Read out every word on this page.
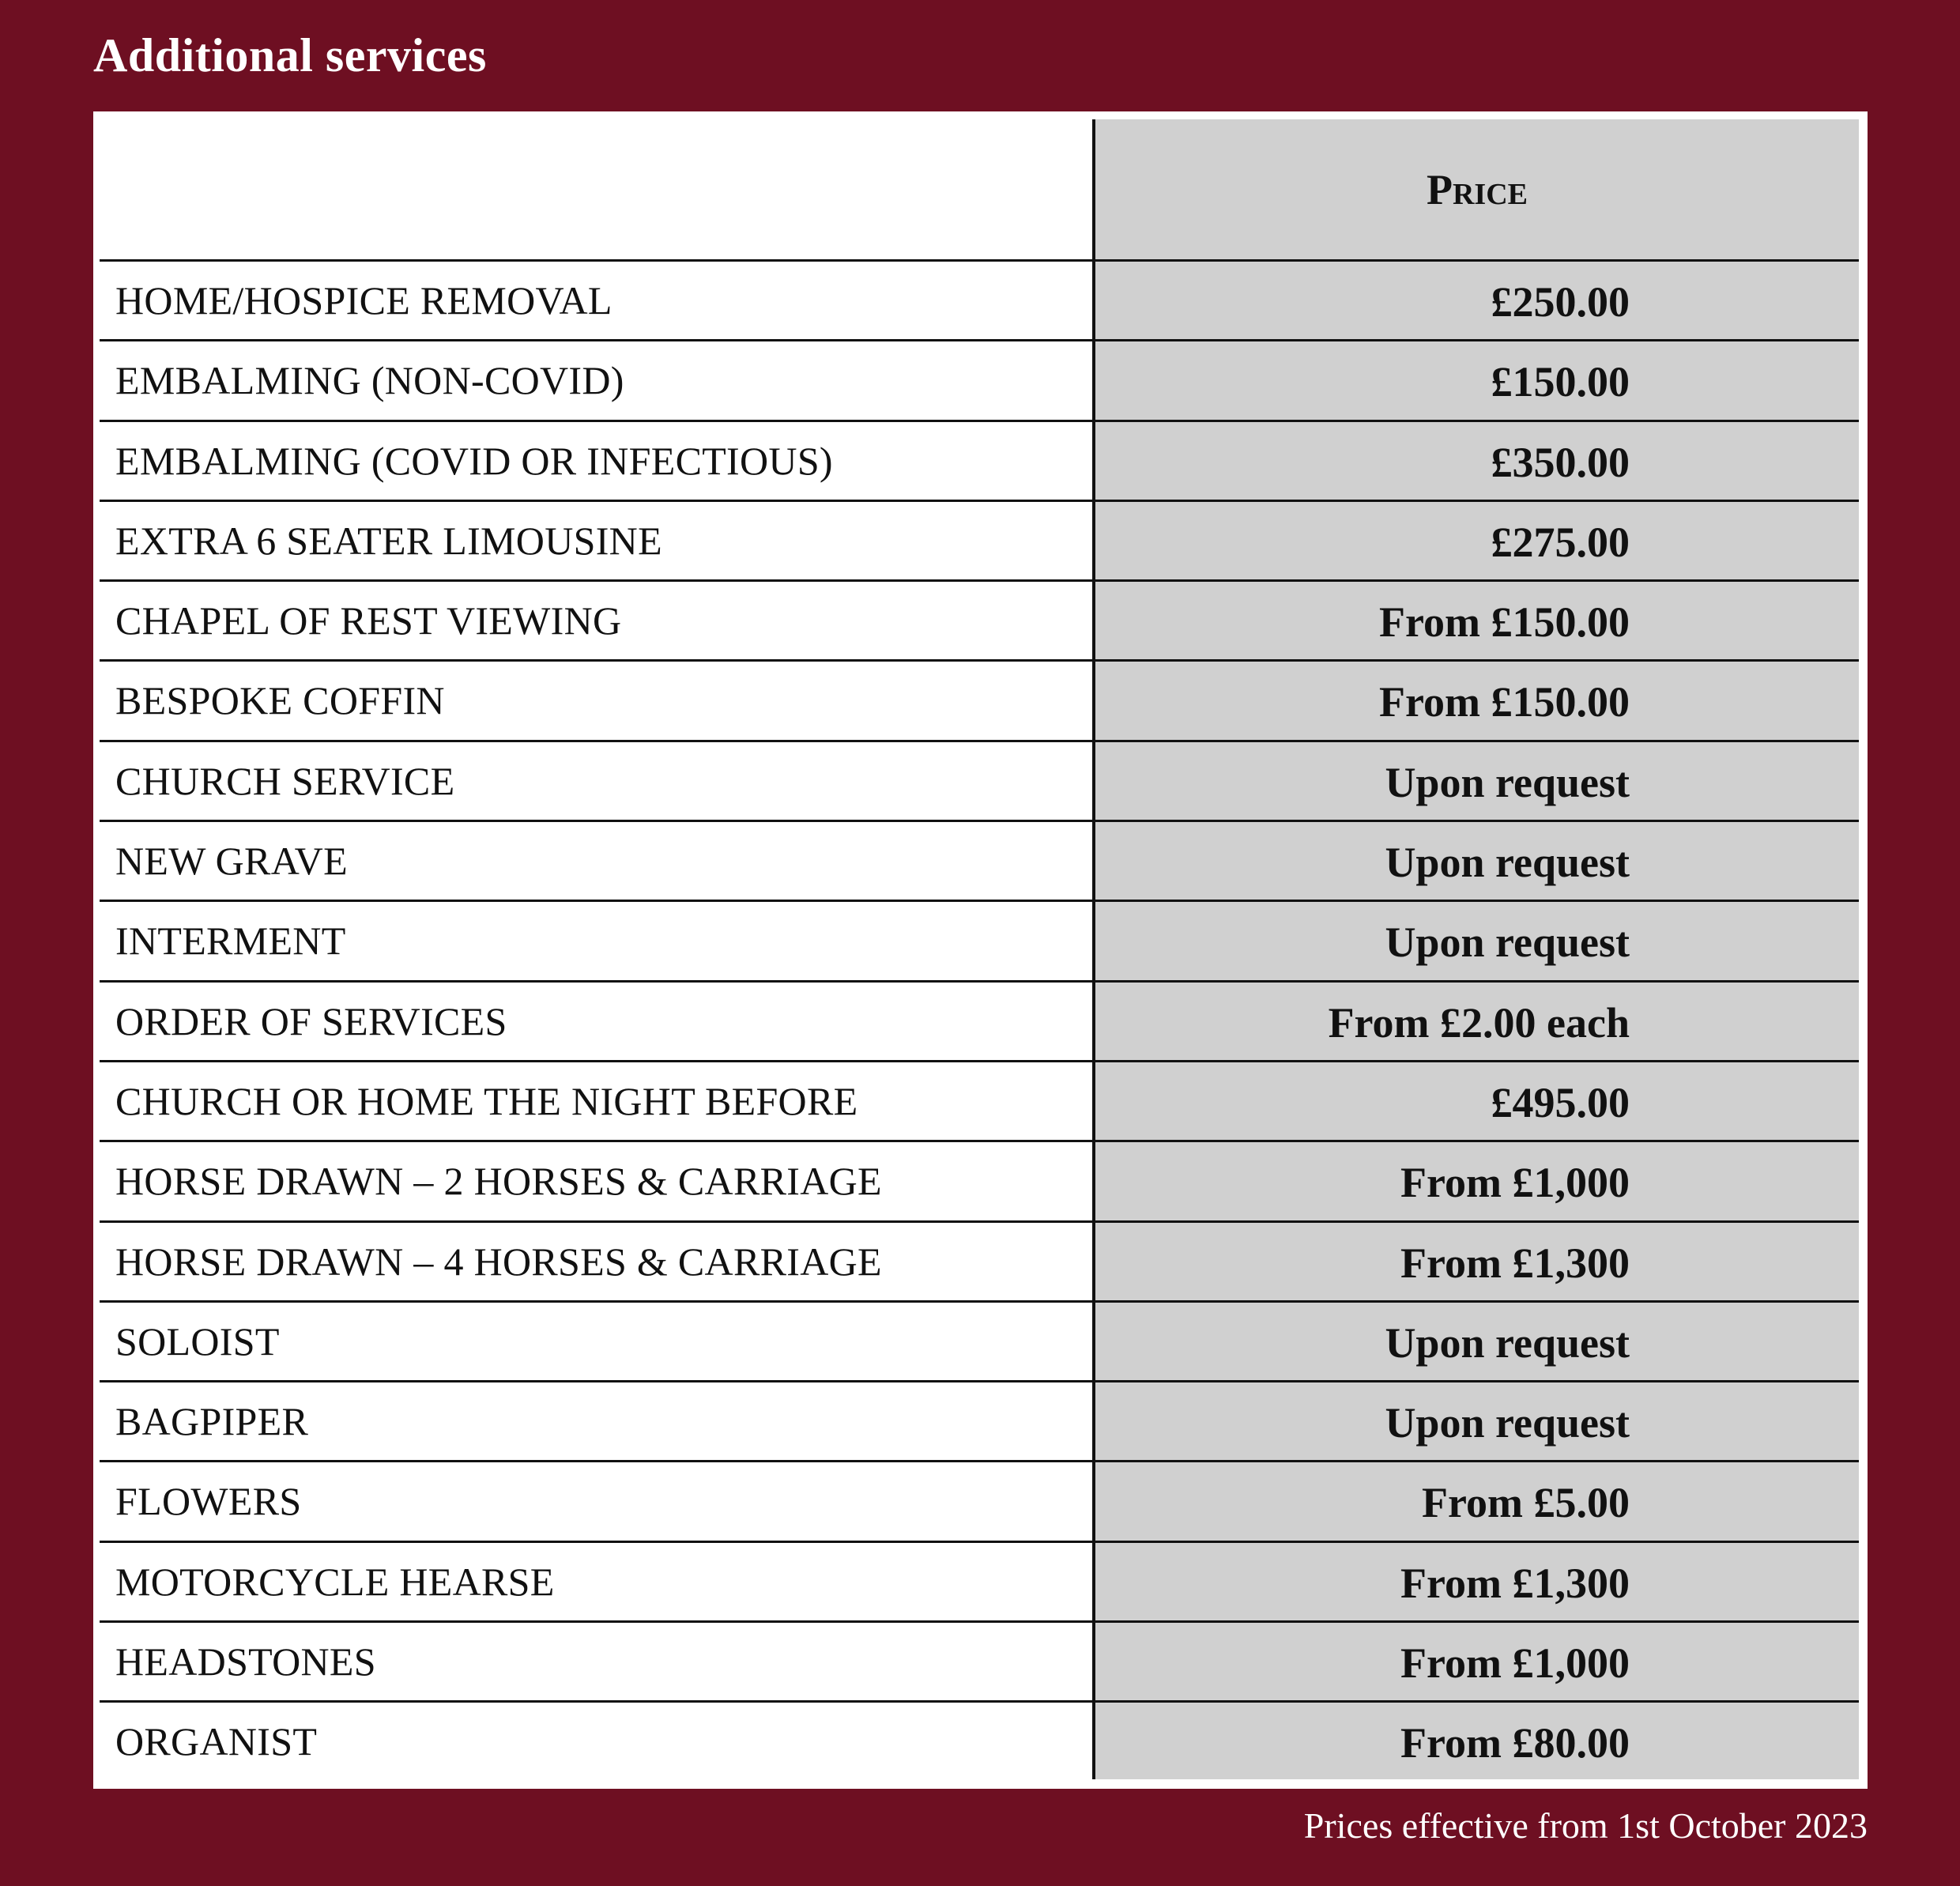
Additional services
Price
HOME/HOSPICE REMOVAL	£250.00
EMBALMING (NON-COVID)	£150.00
EMBALMING (COVID OR INFECTIOUS)	£350.00
EXTRA 6 SEATER LIMOUSINE	£275.00
CHAPEL OF REST VIEWING	From £150.00
BESPOKE COFFIN	From £150.00
CHURCH SERVICE	Upon request
NEW GRAVE	Upon request
INTERMENT	Upon request
ORDER OF SERVICES	From £2.00 each
CHURCH OR HOME THE NIGHT BEFORE	£495.00
HORSE DRAWN – 2 HORSES & CARRIAGE	From £1,000
HORSE DRAWN – 4 HORSES & CARRIAGE	From £1,300
SOLOIST	Upon request
BAGPIPER	Upon request
FLOWERS	From £5.00
MOTORCYCLE HEARSE	From £1,300
HEADSTONES	From £1,000
ORGANIST	From £80.00
Prices effective from 1st October 2023
